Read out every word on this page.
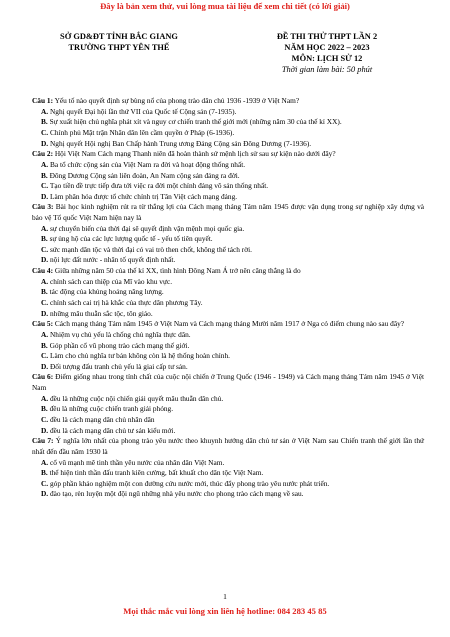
Đây là bản xem thử, vui lòng mua tài liệu để xem chi tiết (có lời giải)
SỞ GD&ĐT TỈNH BẮC GIANG
TRƯỜNG THPT YÊN THẾ
ĐỀ THI THỬ THPT LẦN 2
NĂM HỌC 2022 – 2023
MÔN: LỊCH SỬ 12
Thời gian làm bài: 50 phút
Câu 1: Yếu tố nào quyết định sự bùng nổ của phong trào dân chủ 1936 -1939 ở Việt Nam?
A. Nghị quyết Đại hội lần thứ VII của Quốc tế Cộng sản (7-1935).
B. Sự xuất hiện chủ nghĩa phát xít và nguy cơ chiến tranh thế giới mới (những năm 30 của thế kỉ XX).
C. Chính phủ Mặt trận Nhân dân lên cầm quyền ở Pháp (6-1936).
D. Nghị quyết Hội nghị Ban Chấp hành Trung ương Đảng Cộng sản Đông Dương (7-1936).
Câu 2: Hội Việt Nam Cách mạng Thanh niên đã hoàn thành sứ mệnh lịch sử sau sự kiện nào dưới đây?
A. Ba tổ chức cộng sản của Việt Nam ra đời và hoạt động thống nhất.
B. Đông Dương Cộng sản liên đoàn, An Nam cộng sản đảng ra đời.
C. Tạo tiền đề trực tiếp đưa tới việc ra đời một chính đảng vô sản thống nhất.
D. Làm phân hóa được tổ chức chính trị Tân Việt cách mạng đảng.
Câu 3: Bài học kinh nghiệm rút ra từ thắng lợi của Cách mạng tháng Tám năm 1945 được vận dụng trong sự nghiệp xây dựng và bảo vệ Tổ quốc Việt Nam hiện nay là
A. sự chuyển biến của thời đại sẽ quyết định vận mệnh mọi quốc gia.
B. sự ủng hộ của các lực lượng quốc tế - yếu tố tiên quyết.
C. sức mạnh dân tộc và thời đại có vai trò then chốt, không thể tách rời.
D. nội lực đất nước - nhân tố quyết định nhất.
Câu 4: Giữa những năm 50 của thế kỉ XX, tình hình Đông Nam Á trở nên căng thẳng là do
A. chính sách can thiệp của Mĩ vào khu vực.
B. tác động của khủng hoảng năng lượng.
C. chính sách cai trị hà khắc của thực dân phương Tây.
D. những mâu thuẫn sắc tộc, tôn giáo.
Câu 5: Cách mạng tháng Tám năm 1945 ở Việt Nam và Cách mạng tháng Mười năm 1917 ở Nga có điểm chung nào sau đây?
A. Nhiệm vụ chủ yếu là chống chủ nghĩa thực dân.
B. Góp phần cổ vũ phong trào cách mạng thế giới.
C. Làm cho chủ nghĩa tư bản không còn là hệ thống hoàn chỉnh.
D. Đối tượng đấu tranh chủ yếu là giai cấp tư sản.
Câu 6: Điểm giống nhau trong tính chất của cuộc nội chiến ở Trung Quốc (1946 - 1949) và Cách mạng tháng Tám năm 1945 ở Việt Nam
A. đều là những cuộc nội chiến giải quyết mâu thuẫn dân chủ.
B. đều là những cuộc chiến tranh giải phóng.
C. đều là cách mạng dân chủ nhân dân
D. đều là cách mạng dân chủ tư sản kiểu mới.
Câu 7: Ý nghĩa lớn nhất của phong trào yêu nước theo khuynh hướng dân chủ tư sản ở Việt Nam sau Chiến tranh thế giới lần thứ nhất đến đầu năm 1930 là
A. cổ vũ mạnh mẽ tinh thần yêu nước của nhân dân Việt Nam.
B. thể hiện tinh thần đấu tranh kiên cường, bất khuất cho dân tộc Việt Nam.
C. góp phần khảo nghiệm một con đường cứu nước mới, thúc đẩy phong trào yêu nước phát triển.
D. đào tạo, rèn luyện một đội ngũ những nhà yêu nước cho phong trào cách mạng về sau.
1
Mọi thắc mắc vui lòng xin liên hệ hotline: 084 283 45 85
